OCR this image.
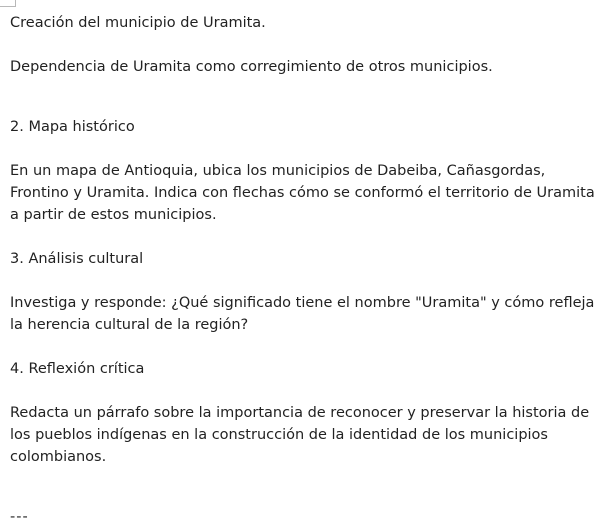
Creación del municipio de Uramita.

Dependencia de Uramita como corregimiento de otros municipios.

2. Mapa histórico

En un mapa de Antioquia, ubica los municipios de Dabeiba, Cañasgordas, Frontino y Uramita. Indica con flechas cómo se conformó el territorio de Uramita a partir de estos municipios.

3. Análisis cultural

Investiga y responde: ¿Qué significado tiene el nombre "Uramita" y cómo refleja la herencia cultural de la región?

4. Reflexión crítica

Redacta un párrafo sobre la importancia de reconocer y preservar la historia de los pueblos indígenas en la construcción de la identidad de los municipios colombianos.

---
